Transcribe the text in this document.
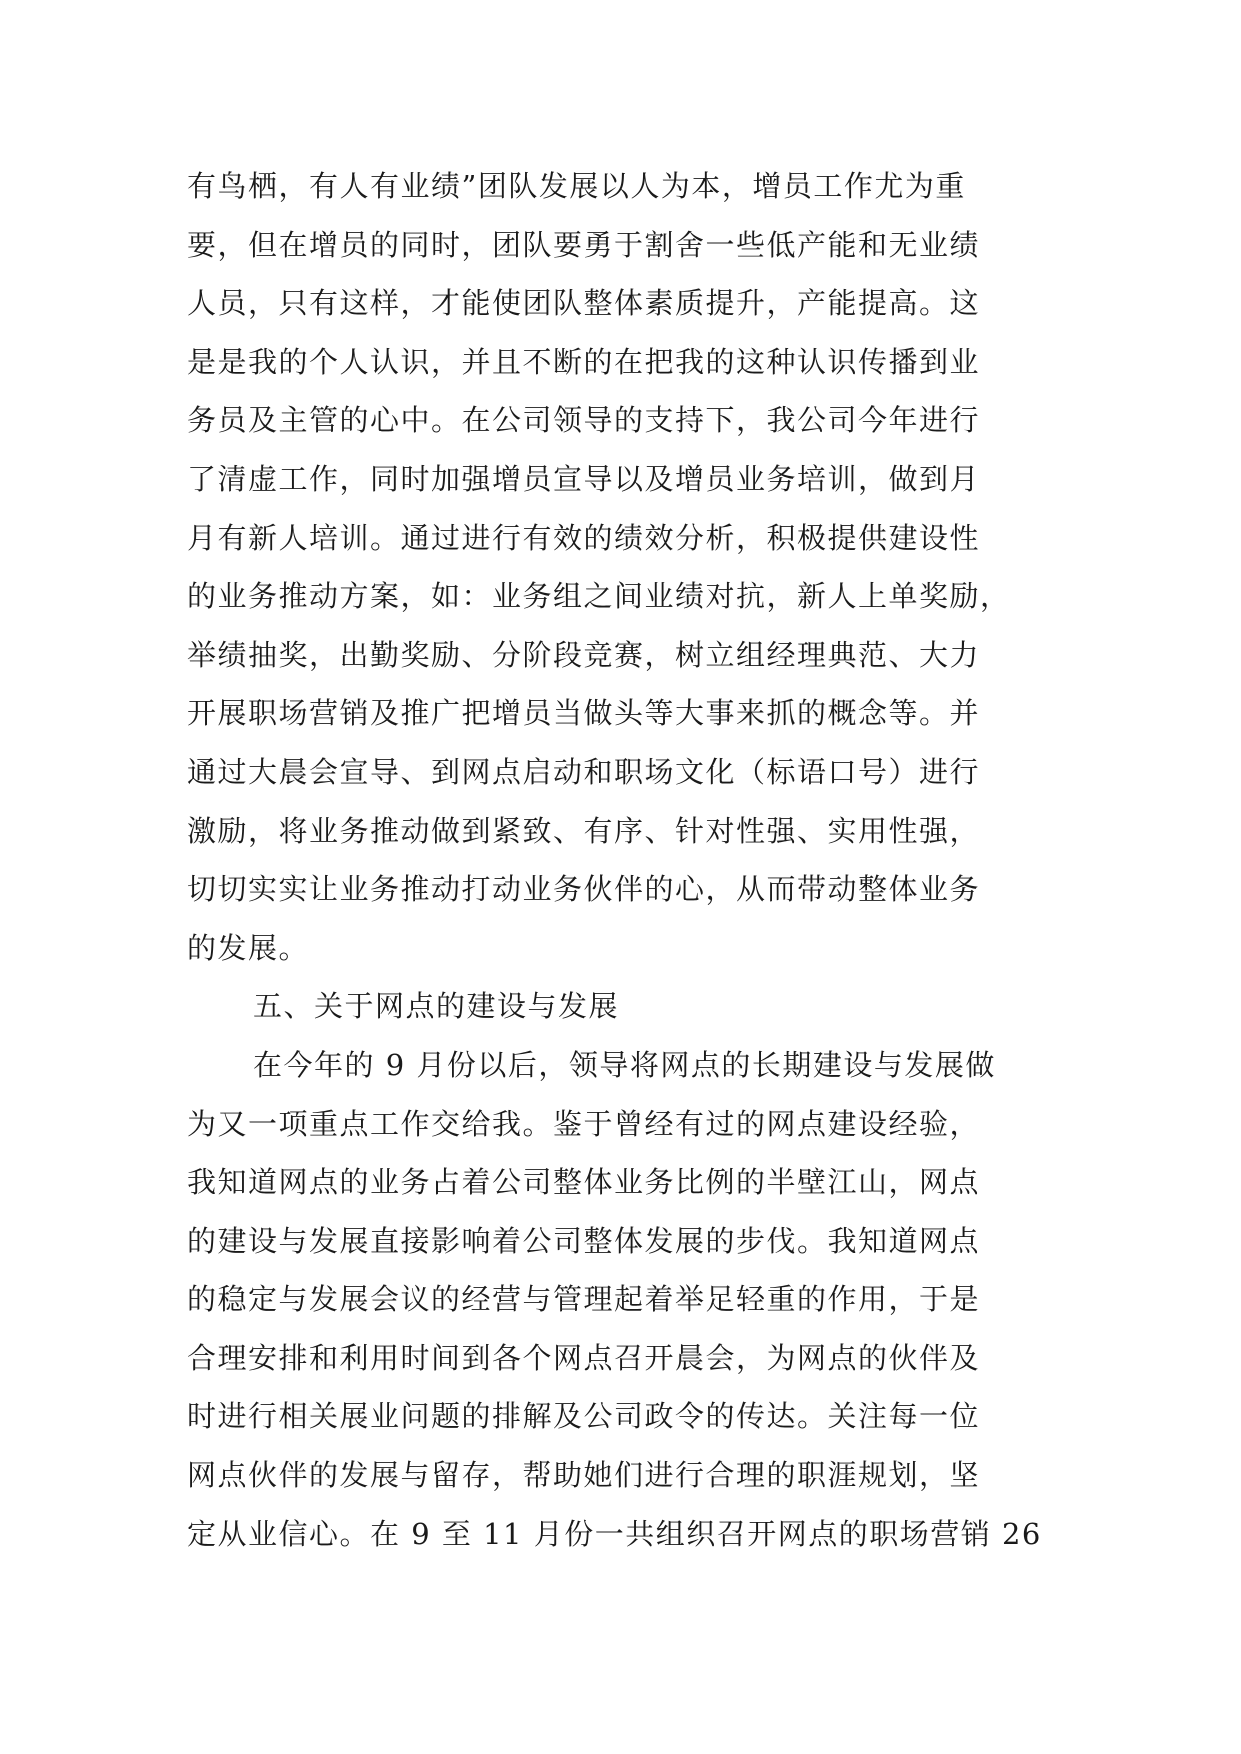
有鸟栖，有人有业绩”团队发展以人为本，增员工作尤为重
要，但在增员的同时，团队要勇于割舍一些低产能和无业绩
人员，只有这样，才能使团队整体素质提升，产能提高。这
是是我的个人认识，并且不断的在把我的这种认识传播到业
务员及主管的心中。在公司领导的支持下，我公司今年进行
了清虚工作，同时加强增员宣导以及增员业务培训，做到月
月有新人培训。通过进行有效的绩效分析，积极提供建设性
的业务推动方案，如：业务组之间业绩对抗，新人上单奖励，
举绩抽奖，出勤奖励、分阶段竞赛，树立组经理典范、大力
开展职场营销及推广把增员当做头等大事来抓的概念等。并
通过大晨会宣导、到网点启动和职场文化（标语口号）进行
激励，将业务推动做到紧致、有序、针对性强、实用性强，
切切实实让业务推动打动业务伙伴的心，从而带动整体业务
的发展。
五、关于网点的建设与发展
在今年的 9 月份以后，领导将网点的长期建设与发展做
为又一项重点工作交给我。鉴于曾经有过的网点建设经验，
我知道网点的业务占着公司整体业务比例的半壁江山，网点
的建设与发展直接影响着公司整体发展的步伐。我知道网点
的稳定与发展会议的经营与管理起着举足轻重的作用，于是
合理安排和利用时间到各个网点召开晨会，为网点的伙伴及
时进行相关展业问题的排解及公司政令的传达。关注每一位
网点伙伴的发展与留存，帮助她们进行合理的职涯规划，坚
定从业信心。在 9 至 11 月份一共组织召开网点的职场营销 26
